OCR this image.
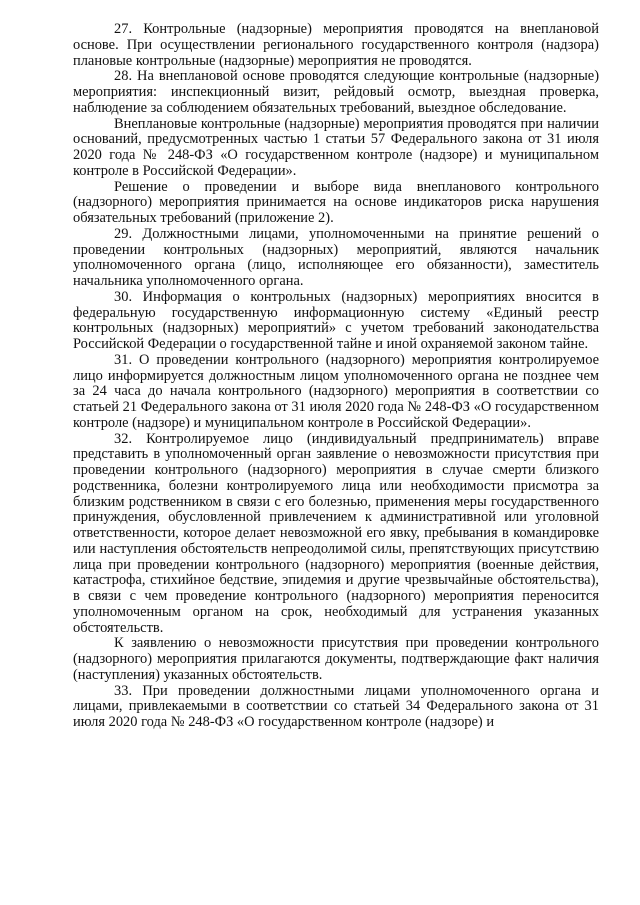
27. Контрольные (надзорные) мероприятия проводятся на внеплановой основе. При осуществлении регионального государственного контроля (надзора) плановые контрольные (надзорные) мероприятия не проводятся.

28. На внеплановой основе проводятся следующие контрольные (надзорные) мероприятия: инспекционный визит, рейдовый осмотр, выездная проверка, наблюдение за соблюдением обязательных требований, выездное обследование.

Внеплановые контрольные (надзорные) мероприятия проводятся при наличии оснований, предусмотренных частью 1 статьи 57 Федерального закона от 31 июля 2020 года № 248-ФЗ «О государственном контроле (надзоре) и муниципальном контроле в Российской Федерации».

Решение о проведении и выборе вида внепланового контрольного (надзорного) мероприятия принимается на основе индикаторов риска нарушения обязательных требований (приложение 2).

29. Должностными лицами, уполномоченными на принятие решений о проведении контрольных (надзорных) мероприятий, являются начальник уполномоченного органа (лицо, исполняющее его обязанности), заместитель начальника уполномоченного органа.

30. Информация о контрольных (надзорных) мероприятиях вносится в федеральную государственную информационную систему «Единый реестр контрольных (надзорных) мероприятий» с учетом требований законодательства Российской Федерации о государственной тайне и иной охраняемой законом тайне.

31. О проведении контрольного (надзорного) мероприятия контролируемое лицо информируется должностным лицом уполномоченного органа не позднее чем за 24 часа до начала контрольного (надзорного) мероприятия в соответствии со статьей 21 Федерального закона от 31 июля 2020 года № 248-ФЗ «О государственном контроле (надзоре) и муниципальном контроле в Российской Федерации».

32. Контролируемое лицо (индивидуальный предприниматель) вправе представить в уполномоченный орган заявление о невозможности присутствия при проведении контрольного (надзорного) мероприятия в случае смерти близкого родственника, болезни контролируемого лица или необходимости присмотра за близким родственником в связи с его болезнью, применения меры государственного принуждения, обусловленной привлечением к административной или уголовной ответственности, которое делает невозможной его явку, пребывания в командировке или наступления обстоятельств непреодолимой силы, препятствующих присутствию лица при проведении контрольного (надзорного) мероприятия (военные действия, катастрофа, стихийное бедствие, эпидемия и другие чрезвычайные обстоятельства), в связи с чем проведение контрольного (надзорного) мероприятия переносится уполномоченным органом на срок, необходимый для устранения указанных обстоятельств.

К заявлению о невозможности присутствия при проведении контрольного (надзорного) мероприятия прилагаются документы, подтверждающие факт наличия (наступления) указанных обстоятельств.

33. При проведении должностными лицами уполномоченного органа и лицами, привлекаемыми в соответствии со статьей 34 Федерального закона от 31 июля 2020 года № 248-ФЗ «О государственном контроле (надзоре) и
